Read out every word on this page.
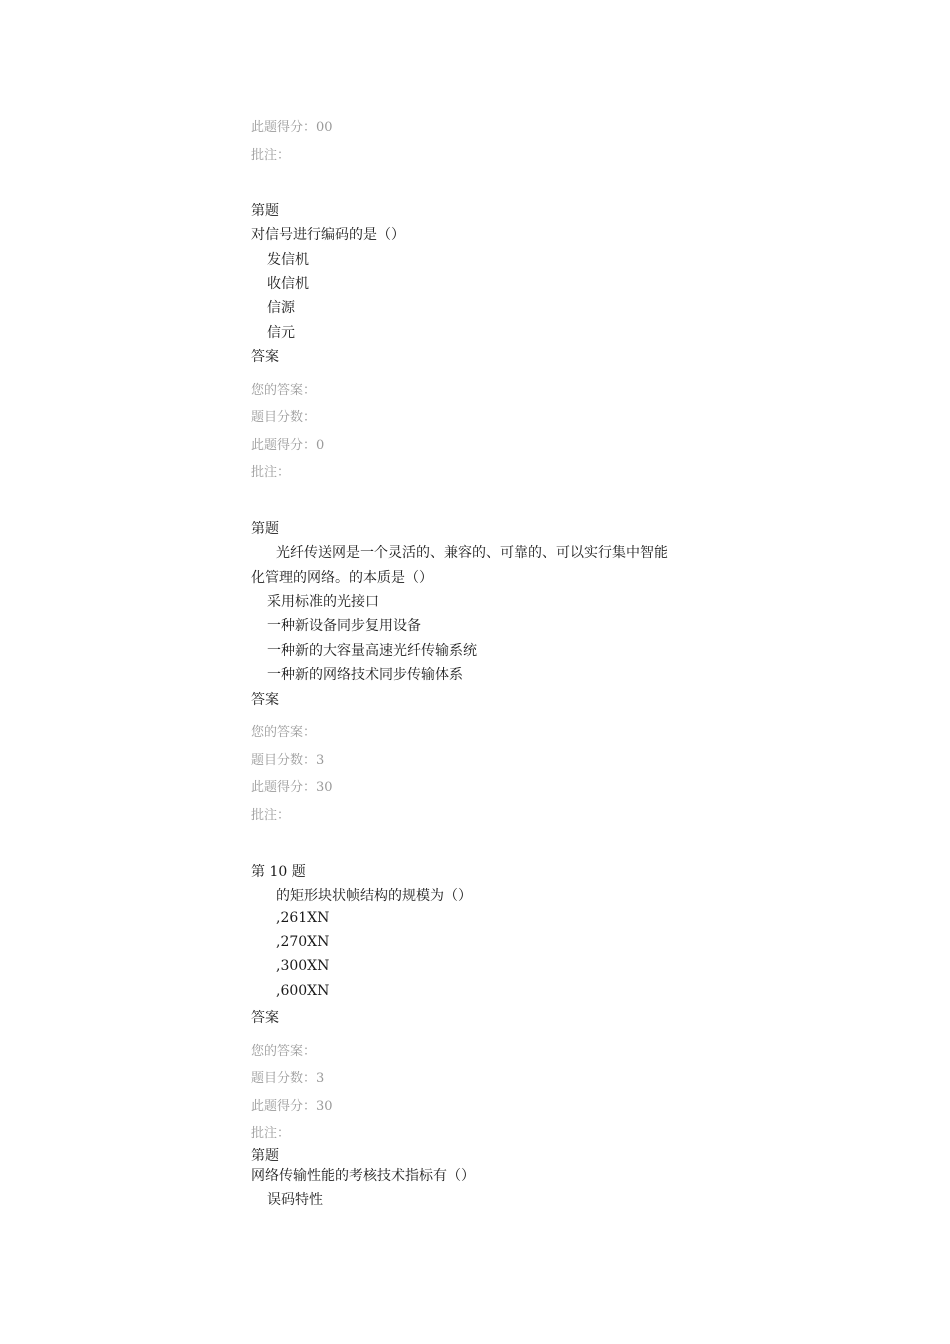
此题得分：00
批注：
第题
对信号进行编码的是（）
发信机
收信机
信源
信元
答案
您的答案：
题目分数：
此题得分：0
批注：
第题
光纤传送网是一个灵活的、兼容的、可靠的、可以实行集中智能
化管理的网络。的本质是（）
采用标准的光接口
一种新设备同步复用设备
一种新的大容量高速光纤传输系统
一种新的网络技术同步传输体系
答案
您的答案：
题目分数：3
此题得分：30
批注：
第 10 题
的矩形块状帧结构的规模为（）
,261XN
,270XN
,300XN
,600XN
答案
您的答案：
题目分数：3
此题得分：30
批注：
第题
网络传输性能的考核技术指标有（）
误码特性
